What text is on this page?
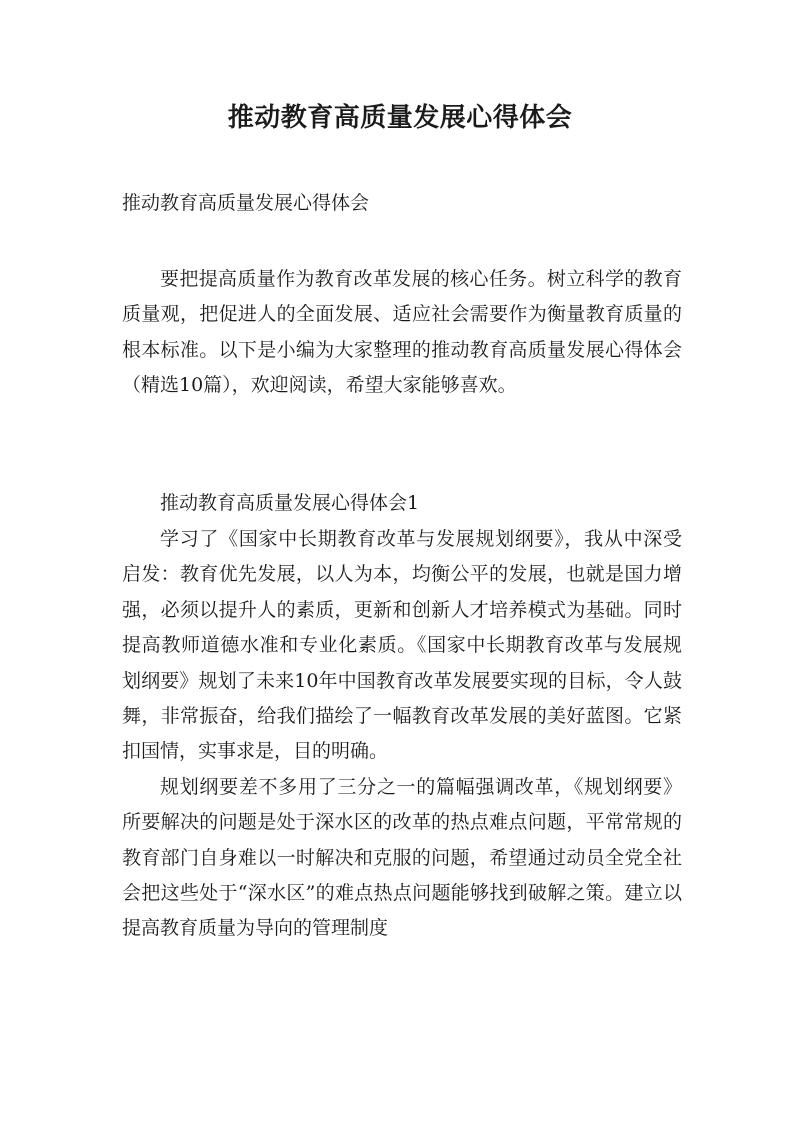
推动教育高质量发展心得体会

推动教育高质量发展心得体会

要把提高质量作为教育改革发展的核心任务。树立科学的教育质量观，把促进人的全面发展、适应社会需要作为衡量教育质量的根本标准。以下是小编为大家整理的推动教育高质量发展心得体会（精选10篇），欢迎阅读，希望大家能够喜欢。

推动教育高质量发展心得体会1

学习了《国家中长期教育改革与发展规划纲要》，我从中深受启发：教育优先发展，以人为本，均衡公平的发展，也就是国力增强，必须以提升人的素质，更新和创新人才培养模式为基础。同时提高教师道德水准和专业化素质。《国家中长期教育改革与发展规划纲要》规划了未来10年中国教育改革发展要实现的目标，令人鼓舞，非常振奋，给我们描绘了一幅教育改革发展的美好蓝图。它紧扣国情，实事求是，目的明确。

规划纲要差不多用了三分之一的篇幅强调改革，《规划纲要》所要解决的问题是处于深水区的改革的热点难点问题，平常常规的教育部门自身难以一时解决和克服的问题，希望通过动员全党全社会把这些处于“深水区”的难点热点问题能够找到破解之策。建立以提高教育质量为导向的管理制度
